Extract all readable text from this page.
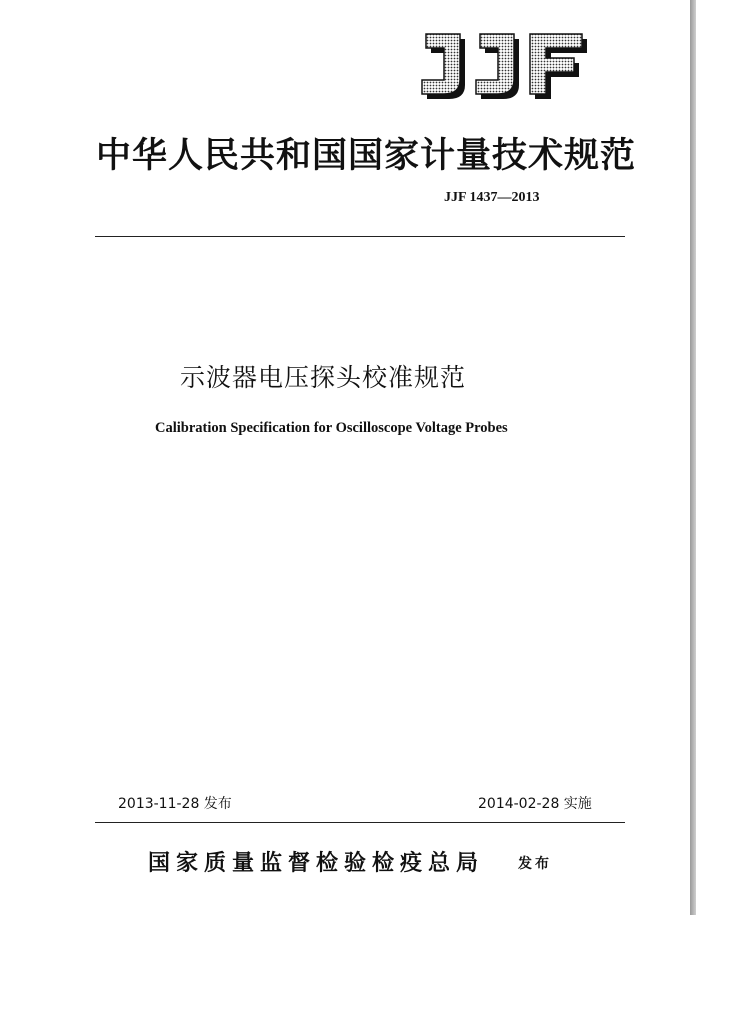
中华人民共和国国家计量技术规范
JJF 1437—2013
示波器电压探头校准规范
Calibration Specification for Oscilloscope Voltage Probes
2013-11-28 发布	2014-02-28 实施
国家质量监督检验检疫总局 发布
